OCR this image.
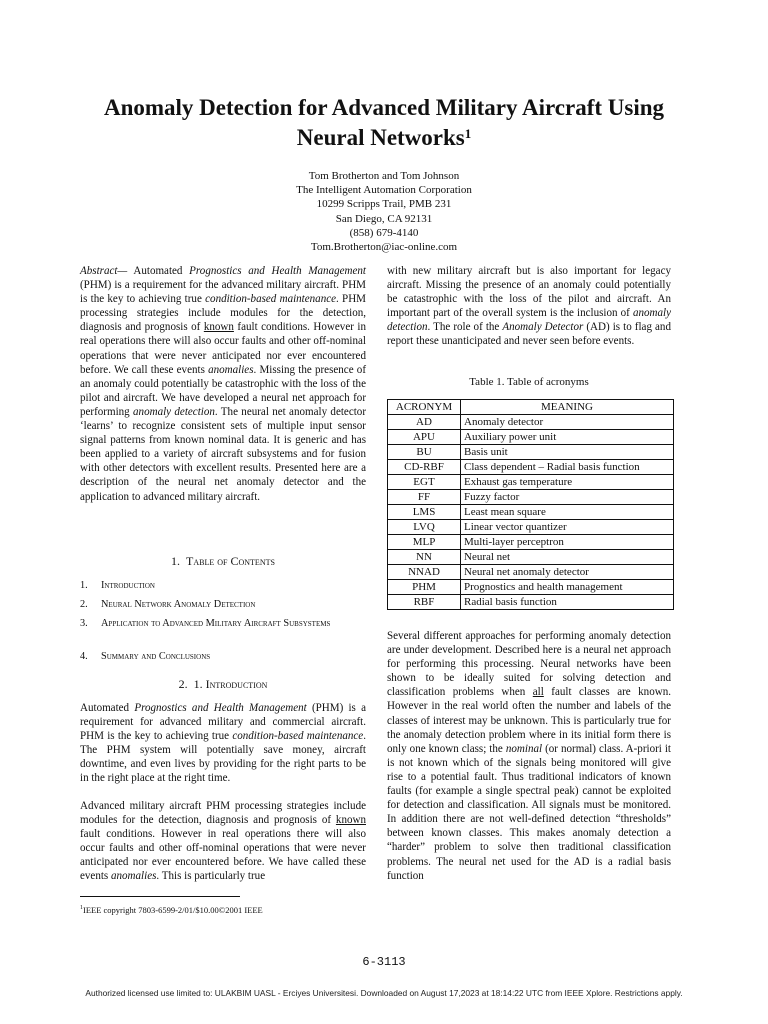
Anomaly Detection for Advanced Military Aircraft Using
Neural Networks$^1$
Tom Brotherton and Tom Johnson
The Intelligent Automation Corporation
10299 Scripps Trail, PMB 231
San Diego, CA 92131
(858) 679-4140
Tom.Brotherton@iac-online.com

Abstract— Automated Prognostics and Health Management (PHM) is a requirement for the advanced military aircraft. PHM is the key to achieving true condition-based maintenance. PHM processing strategies include modules for the detection, diagnosis and prognosis of known fault conditions. However in real operations there will also occur faults and other off-nominal operations that were never anticipated nor ever encountered before. We call these events anomalies. Missing the presence of an anomaly could potentially be catastrophic with the loss of the pilot and aircraft. We have developed a neural net approach for performing anomaly detection. The neural net anomaly detector ‘learns’ to recognize consistent sets of multiple input sensor signal patterns from known nominal data. It is generic and has been applied to a variety of aircraft subsystems and for fusion with other detectors with excellent results. Presented here are a description of the neural net anomaly detector and the application to advanced military aircraft.

1. Table of Contents

1. Introduction
2. Neural Network Anomaly Detection
3.	Application to Advanced Military Aircraft Subsystems
4. Summary and Conclusions

2. 1. Introduction

Automated Prognostics and Health Management (PHM) is a requirement for advanced military and commercial aircraft. PHM is the key to achieving true condition-based maintenance. The PHM system will potentially save money, aircraft downtime, and even lives by providing for the right parts to be in the right place at the right time.

Advanced military aircraft PHM processing strategies include modules for the detection, diagnosis and prognosis of known fault conditions. However in real operations there will also occur faults and other off-nominal operations that were never anticipated nor ever encountered before. We have called these events anomalies. This is particularly true

with new military aircraft but is also important for legacy aircraft. Missing the presence of an anomaly could potentially be catastrophic with the loss of the pilot and aircraft. An important part of the overall system is the inclusion of anomaly detection. The role of the Anomaly Detector (AD) is to flag and report these unanticipated and never seen before events.

Table 1. Table of acronyms
ACRONYM	MEANING
AD	Anomaly detector
APU	Auxiliary power unit
BU	Basis unit
CD-RBF	Class dependent – Radial basis function
EGT	Exhaust gas temperature
FF	Fuzzy factor
LMS	Least mean square
LVQ	Linear vector quantizer
MLP	Multi-layer perceptron
NN	Neural net
NNAD	Neural net anomaly detector
PHM	Prognostics and health management
RBF	Radial basis function

Several different approaches for performing anomaly detection are under development. Described here is a neural net approach for performing this processing. Neural networks have been shown to be ideally suited for solving detection and classification problems when all fault classes are known. However in the real world often the number and labels of the classes of interest may be unknown. This is particularly true for the anomaly detection problem where in its initial form there is only one known class; the nominal (or normal) class. A-priori it is not known which of the signals being monitored will give rise to a potential fault. Thus traditional indicators of known faults (for example a single spectral peak) cannot be exploited for detection and classification. All signals must be monitored. In addition there are not well-defined detection “thresholds” between known classes. This makes anomaly detection a “harder” problem to solve then traditional classification problems. The neural net used for the AD is a radial basis function

$^1$IEEE copyright 7803-6599-2/01/$10.00©2001 IEEE
6-3113
Authorized licensed use limited to: ULAKBIM UASL - Erciyes Universitesi. Downloaded on August 17,2023 at 18:14:22 UTC from IEEE Xplore. Restrictions apply.
